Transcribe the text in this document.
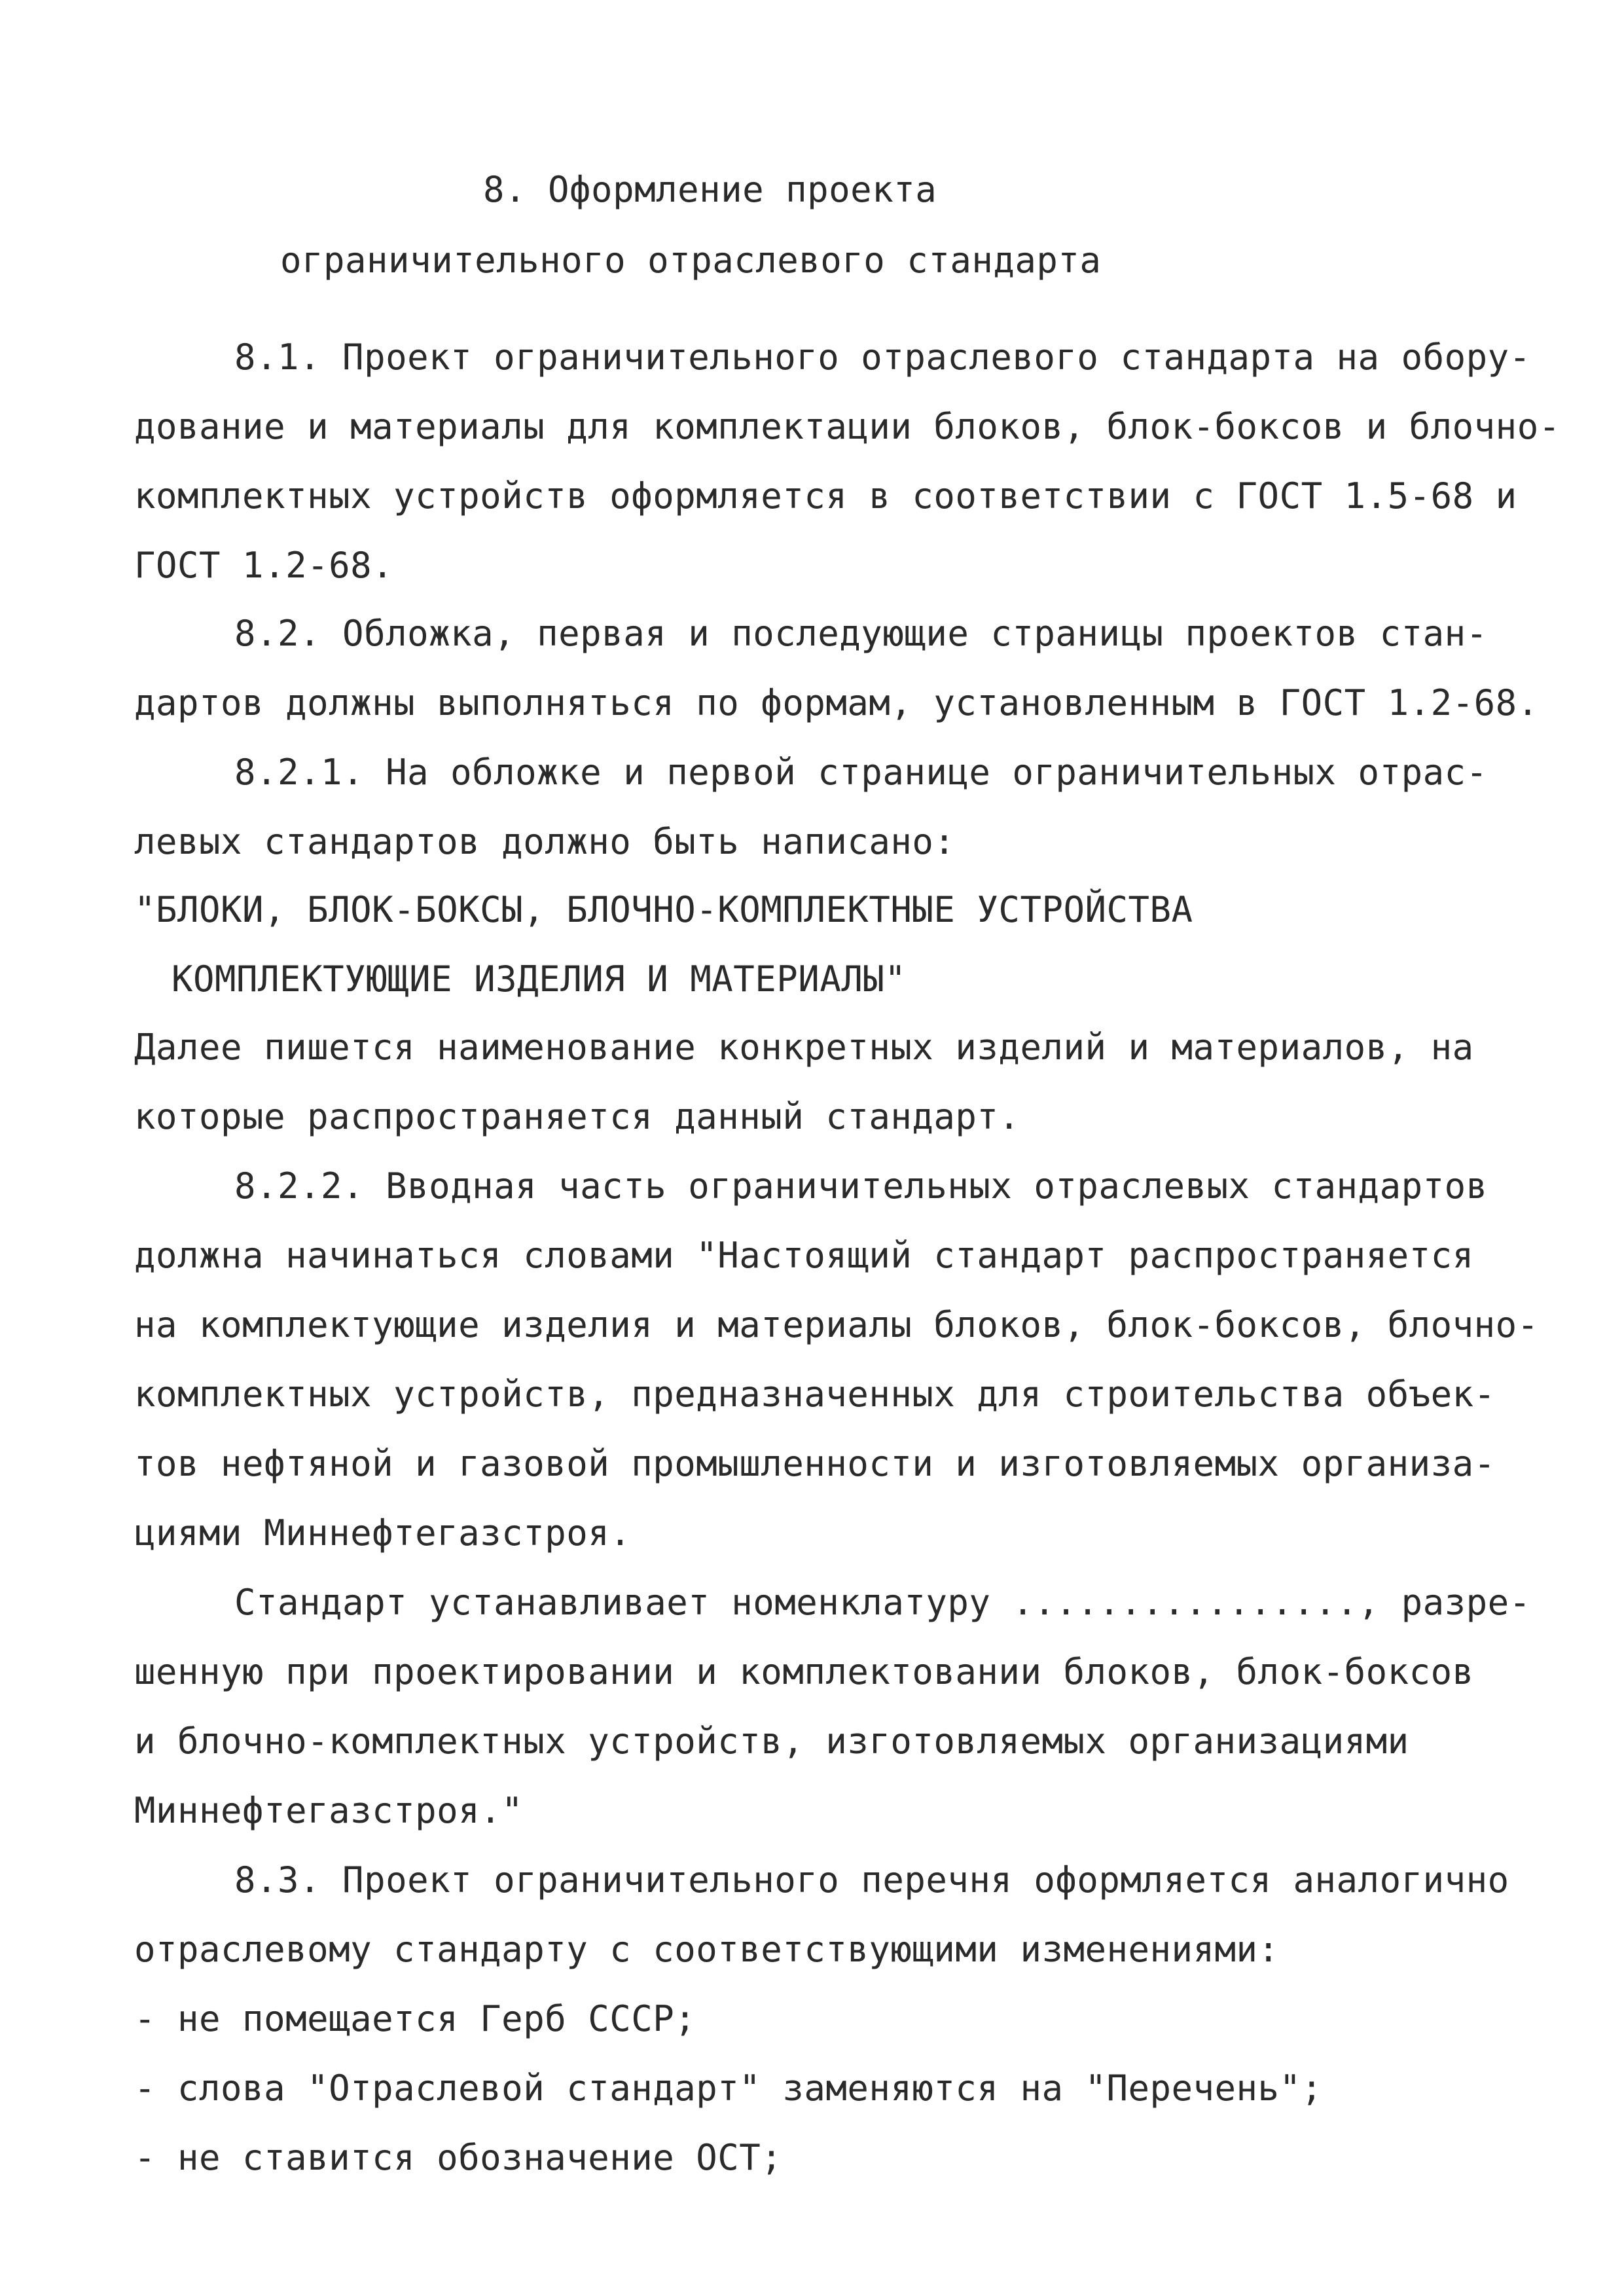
8. Оформление проекта
ограничительного отраслевого стандарта
8.1. Проект ограничительного отраслевого стандарта на обору-
дование и материалы для комплектации блоков, блок-боксов и блочно-
комплектных устройств оформляется в соответствии с ГОСТ 1.5-68 и
ГОСТ 1.2-68.
8.2. Обложка, первая и последующие страницы проектов стан-
дартов должны выполняться по формам, установленным в ГОСТ 1.2-68.
8.2.1. На обложке и первой странице ограничительных отрас-
левых стандартов должно быть написано:
"БЛОКИ, БЛОК-БОКСЫ, БЛОЧНО-КОМПЛЕКТНЫЕ УСТРОЙСТВА
КОМПЛЕКТУЮЩИЕ ИЗДЕЛИЯ И МАТЕРИАЛЫ"
Далее пишется наименование конкретных изделий и материалов, на
которые распространяется данный стандарт.
8.2.2. Вводная часть ограничительных отраслевых стандартов
должна начинаться словами "Настоящий стандарт распространяется
на комплектующие изделия и материалы блоков, блок-боксов, блочно-
комплектных устройств, предназначенных для строительства объек-
тов нефтяной и газовой промышленности и изготовляемых организа-
циями Миннефтегазстроя.
Стандарт устанавливает номенклатуру ................, разре-
шенную при проектировании и комплектовании блоков, блок-боксов
и блочно-комплектных устройств, изготовляемых организациями
Миннефтегазстроя."
8.3. Проект ограничительного перечня оформляется аналогично
отраслевому стандарту с соответствующими изменениями:
- не помещается Герб СССР;
- слова "Отраслевой стандарт" заменяются на "Перечень";
- не ставится обозначение ОСТ;
